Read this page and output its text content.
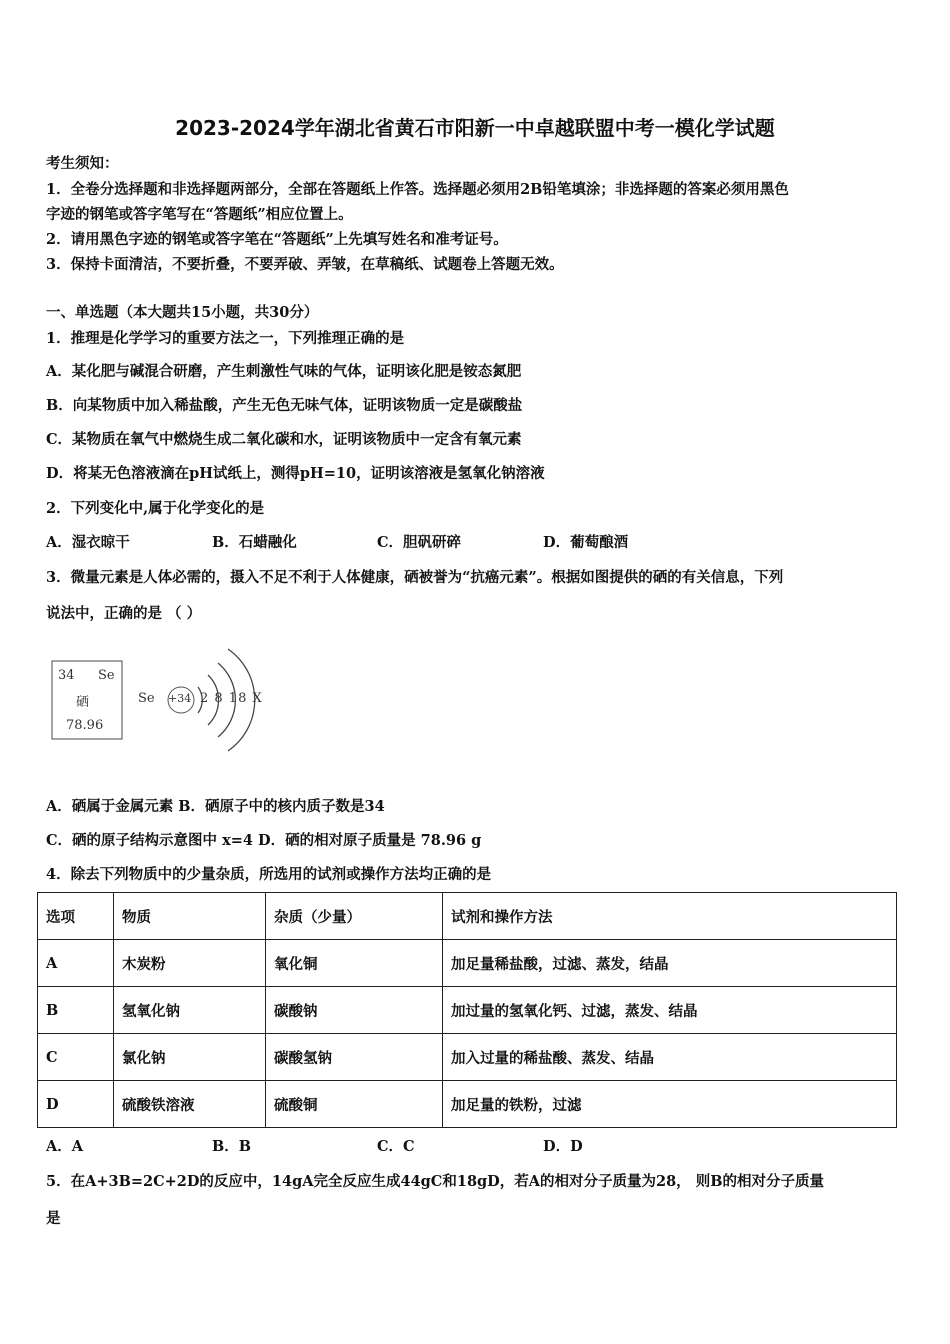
2023-2024学年湖北省黄石市阳新一中卓越联盟中考一模化学试题
考生须知：
1．全卷分选择题和非选择题两部分，全部在答题纸上作答。选择题必须用2B铅笔填涂；非选择题的答案必须用黑色
字迹的钢笔或答字笔写在“答题纸”相应位置上。
2．请用黑色字迹的钢笔或答字笔在“答题纸”上先填写姓名和准考证号。
3．保持卡面清洁，不要折叠，不要弄破、弄皱，在草稿纸、试题卷上答题无效。
一、单选题（本大题共15小题，共30分）
1．推理是化学学习的重要方法之一，下列推理正确的是
A．某化肥与碱混合研磨，产生刺激性气味的气体，证明该化肥是铵态氮肥
B．向某物质中加入稀盐酸，产生无色无味气体，证明该物质一定是碳酸盐
C．某物质在氧气中燃烧生成二氧化碳和水，证明该物质中一定含有氧元素
D．将某无色溶液滴在pH试纸上，测得pH=10，证明该溶液是氢氧化钠溶液
2．下列变化中,属于化学变化的是
A．湿衣晾干	B．石蜡融化	C．胆矾研碎	D．葡萄酿酒
3．微量元素是人体必需的，摄入不足不利于人体健康，硒被誉为“抗癌元素”。根据如图提供的硒的有关信息，下列
说法中，正确的是 （ ）
34 Se
硒
78.96
Se +34 2 8 18 X
A．硒属于金属元素 B．硒原子中的核内质子数是34
C．硒的原子结构示意图中 x=4 D．硒的相对原子质量是 78.96 g
4．除去下列物质中的少量杂质，所选用的试剂或操作方法均正确的是
选项	物质	杂质（少量）	试剂和操作方法
A	木炭粉	氧化铜	加足量稀盐酸，过滤、蒸发，结晶
B	氢氧化钠	碳酸钠	加过量的氢氧化钙、过滤，蒸发、结晶
C	氯化钠	碳酸氢钠	加入过量的稀盐酸、蒸发、结晶
D	硫酸铁溶液	硫酸铜	加足量的铁粉，过滤
A．A	B．B	C．C	D．D
5．在A+3B=2C+2D的反应中，14gA完全反应生成44gC和18gD，若A的相对分子质量为28， 则B的相对分子质量
是
